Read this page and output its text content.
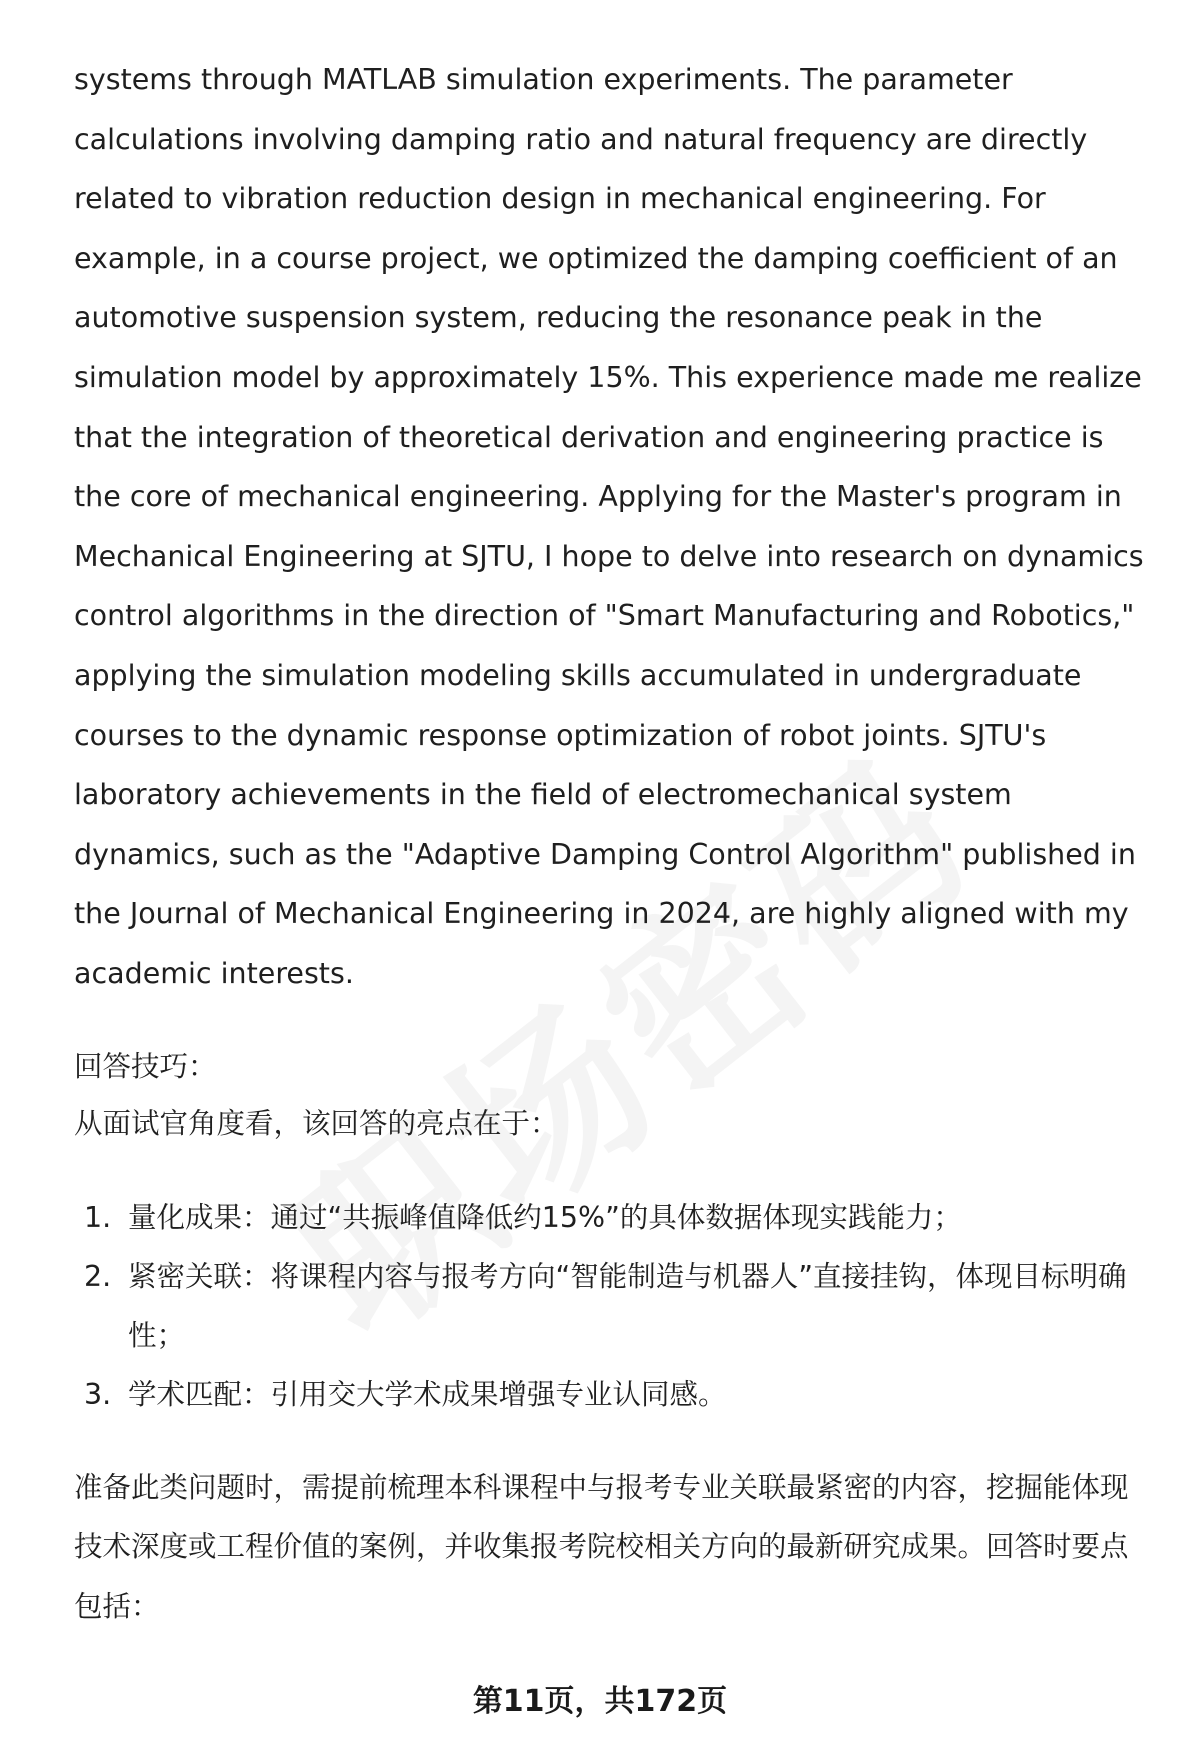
systems through MATLAB simulation experiments. The parameter calculations involving damping ratio and natural frequency are directly related to vibration reduction design in mechanical engineering. For example, in a course project, we optimized the damping coefficient of an automotive suspension system, reducing the resonance peak in the simulation model by approximately 15%. This experience made me realize that the integration of theoretical derivation and engineering practice is the core of mechanical engineering. Applying for the Master's program in Mechanical Engineering at SJTU, I hope to delve into research on dynamics control algorithms in the direction of "Smart Manufacturing and Robotics," applying the simulation modeling skills accumulated in undergraduate courses to the dynamic response optimization of robot joints. SJTU's laboratory achievements in the field of electromechanical system dynamics, such as the "Adaptive Damping Control Algorithm" published in the Journal of Mechanical Engineering in 2024, are highly aligned with my academic interests.

回答技巧：
从面试官角度看，该回答的亮点在于：
1. 量化成果：通过“共振峰值降低约15%”的具体数据体现实践能力；
2. 紧密关联：将课程内容与报考方向“智能制造与机器人”直接挂钩，体现目标明确性；
3. 学术匹配：引用交大学术成果增强专业认同感。

准备此类问题时，需提前梳理本科课程中与报考专业关联最紧密的内容，挖掘能体现技术深度或工程价值的案例，并收集报考院校相关方向的最新研究成果。回答时要点包括：

第11页，共172页
